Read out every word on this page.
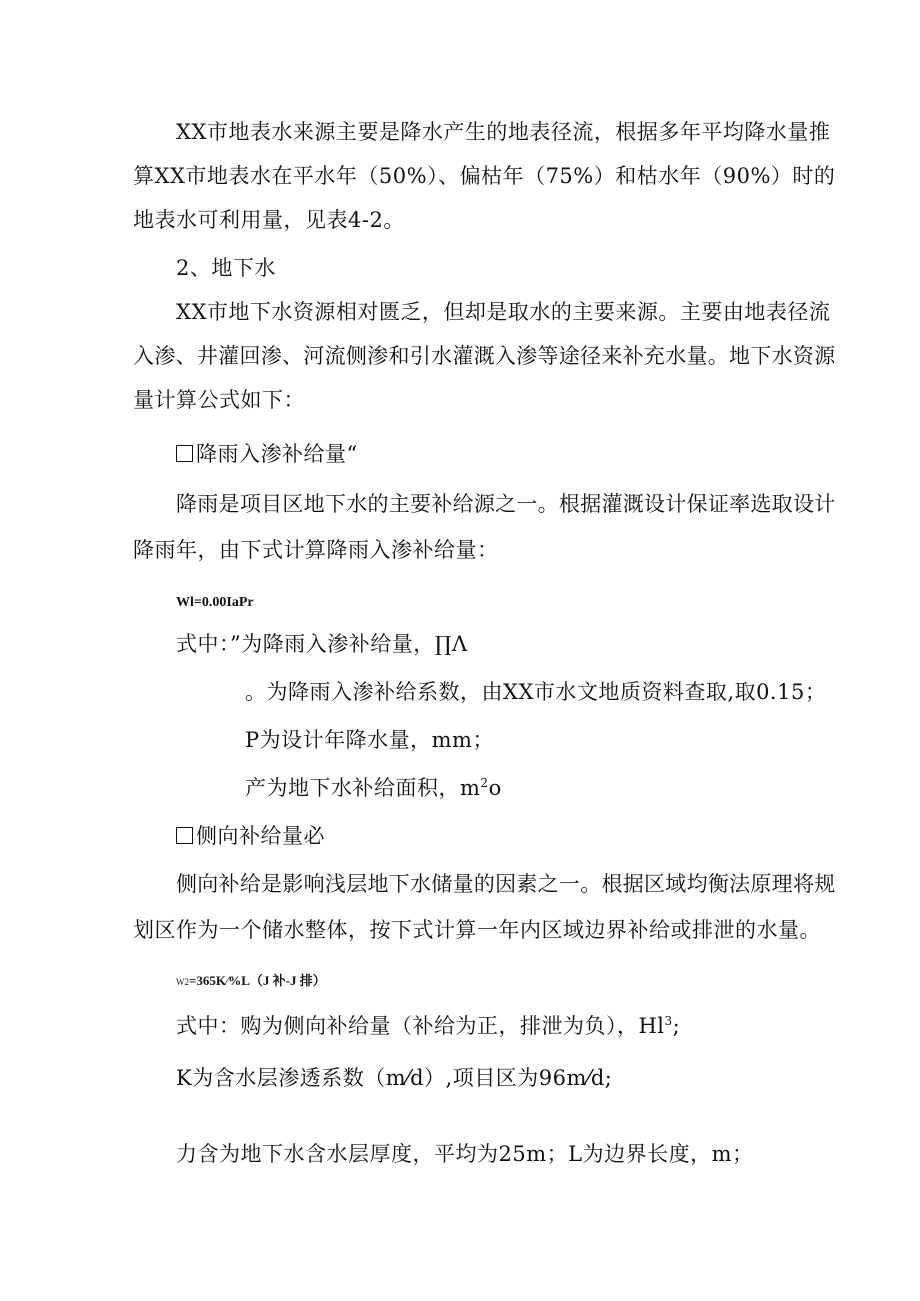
XX市地表水来源主要是降水产生的地表径流，根据多年平均降水量推
算XX市地表水在平水年（50%）、偏枯年（75%）和枯水年（90%）时的
地表水可利用量，见表4-2。
2、地下水
XX市地下水资源相对匮乏，但却是取水的主要来源。主要由地表径流
入渗、井灌回渗、河流侧渗和引水灌溉入渗等途径来补充水量。地下水资源
量计算公式如下：
降雨入渗补给量“
降雨是项目区地下水的主要补给源之一。根据灌溉设计保证率选取设计
降雨年，由下式计算降雨入渗补给量：
Wl=0.00IaPr
式中：”为降雨入渗补给量，∏Λ
。为降雨入渗补给系数，由XX市水文地质资料查取,取0.15；
P为设计年降水量，mm；
产为地下水补给面积，$m^2o$
侧向补给量必
侧向补给是影响浅层地下水储量的因素之一。根据区域均衡法原理将规
划区作为一个储水整体，按下式计算一年内区域边界补给或排泄的水量。
W2=365K⁄%L（J 补-J 排）
式中：购为侧向补给量（补给为正，排泄为负），Hl$^3$;
K为含水层渗透系数（m⁄d）,项目区为96m⁄d;
力含为地下水含水层厚度，平均为25m；L为边界长度，m；
